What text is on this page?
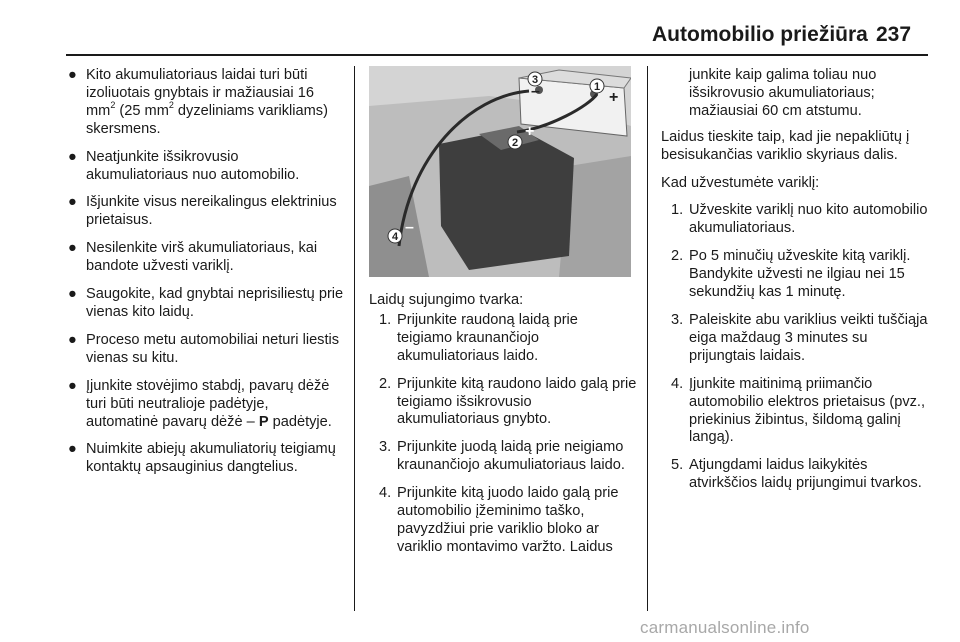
Automobilio priežiūra 237
● Kito akumuliatoriaus laidai turi būti izoliuotais gnybtais ir mažiausiai 16 $mm^2$ (25 $mm^2$ dyzeliniams varikliams) skersmens.
● Neatjunkite išsikrovusio akumuliatoriaus nuo automobilio.
● Išjunkite visus nereikalingus elektrinius prietaisus.
● Nesilenkite virš akumuliatoriaus, kai bandote užvesti variklį.
● Saugokite, kad gnybtai neprisiliestų prie vienas kito laidų.
● Proceso metu automobiliai neturi liestis vienas su kitu.
● Įjunkite stovėjimo stabdį, pavarų dėžė turi būti neutralioje padėtyje, automatinė pavarų dėžė – P padėtyje.
● Nuimkite abiejų akumuliatorių teigiamų kontaktų apsauginius dangtelius.
1
2
3
4
+
+
–
–

Laidų sujungimo tvarka:

1. Prijunkite raudoną laidą prie teigiamo kraunančiojo akumuliatoriaus laido.
2. Prijunkite kitą raudono laido galą prie teigiamo išsikrovusio akumuliatoriaus gnybto.
3. Prijunkite juodą laidą prie neigiamo kraunančiojo akumuliatoriaus laido.
4. Prijunkite kitą juodo laido galą prie automobilio įžeminimo taško, pavyzdžiui prie variklio bloko ar variklio montavimo varžto. Laidus

junkite kaip galima toliau nuo išsikrovusio akumuliatoriaus; mažiausiai 60 cm atstumu.

Laidus tieskite taip, kad jie nepakliūtų į besisukančias variklio skyriaus dalis.

Kad užvestumėte variklį:

1. Užveskite variklį nuo kito automobilio akumuliatoriaus.
2. Po 5 minučių užveskite kitą variklį. Bandykite užvesti ne ilgiau nei 15 sekundžių kas 1 minutę.
3. Paleiskite abu variklius veikti tuščiąja eiga maždaug 3 minutes su prijungtais laidais.
4. Įjunkite maitinimą priimančio automobilio elektros prietaisus (pvz., priekinius žibintus, šildomą galinį langą).
5. Atjungdami laidus laikykitės atvirkščios laidų prijungimui tvarkos.
carmanualsonline.info
